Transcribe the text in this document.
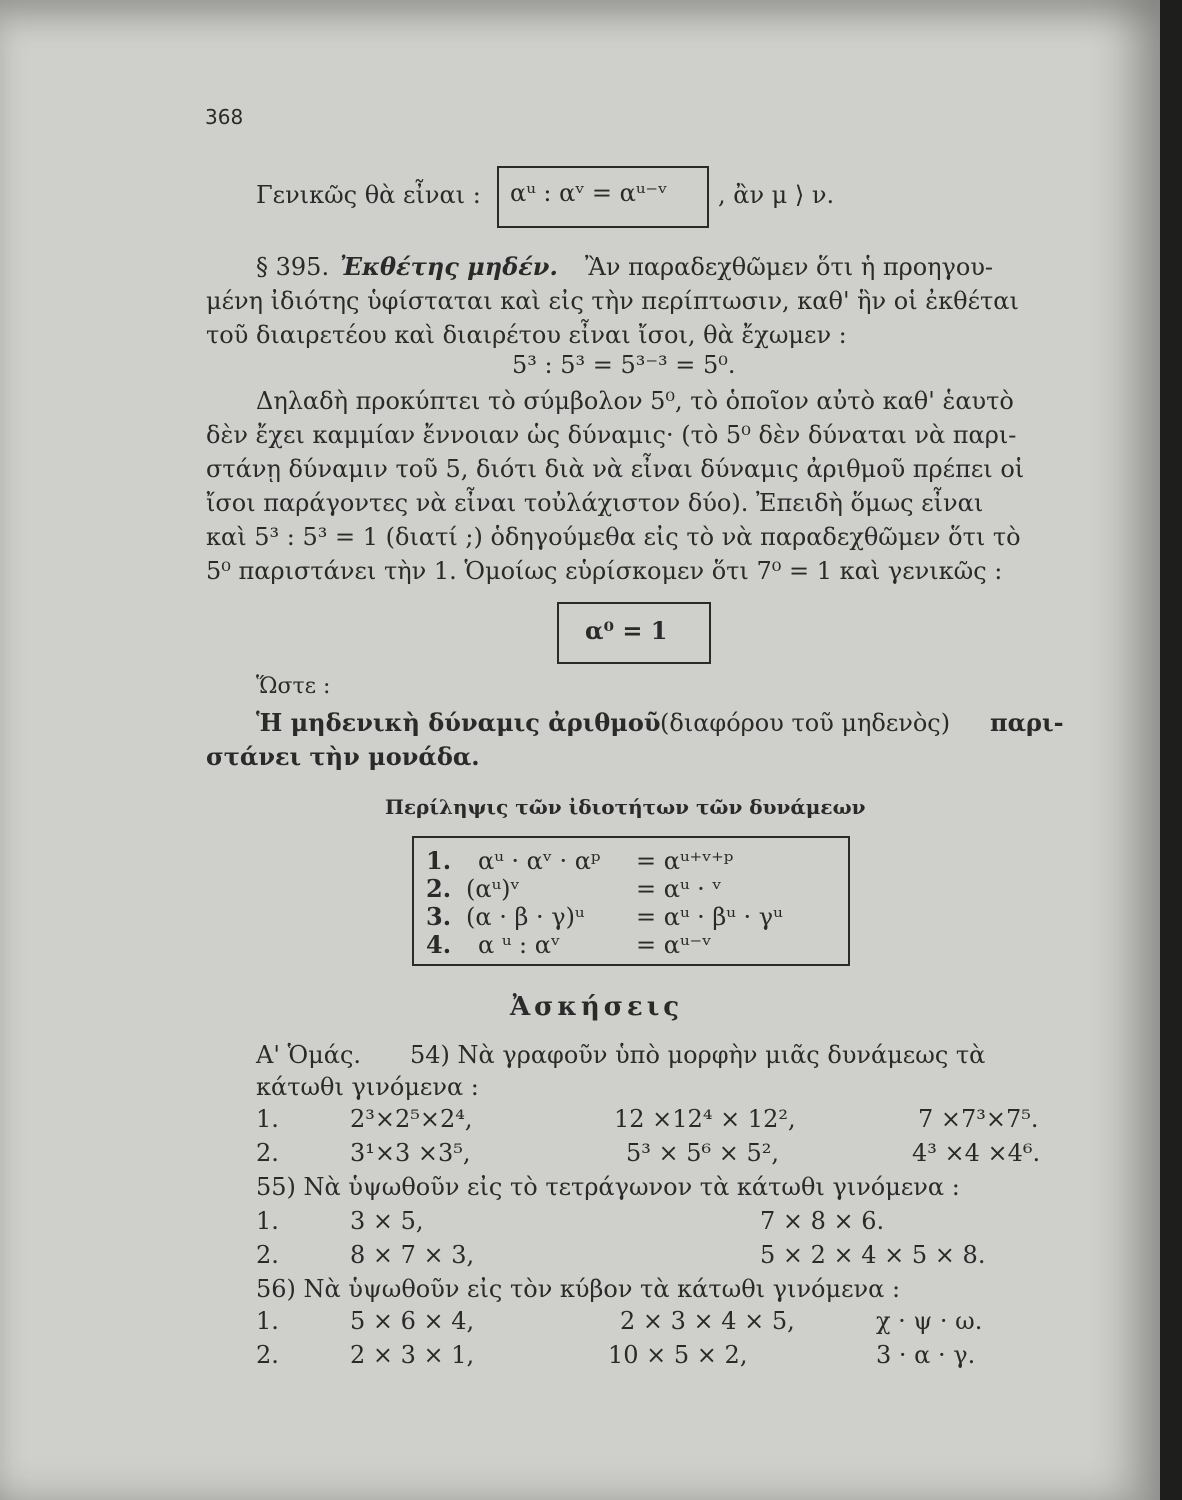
368
Γενικῶς θὰ εἶναι : αᵘ : αᵛ = αᵘ⁻ᵛ , ἂν μ ⟩ ν.
§ 395. Ἐκθέτης μηδέν. Ἂν παραδεχθῶμεν ὅτι ἡ προηγου-
μένη ἰδιότης ὑφίσταται καὶ εἰς τὴν περίπτωσιν, καθ' ἣν οἱ ἐκθέται
τοῦ διαιρετέου καὶ διαιρέτου εἶναι ἴσοι, θὰ ἔχωμεν :
5³ : 5³ = 5³⁻³ = 5⁰.
Δηλαδὴ προκύπτει τὸ σύμβολον 5⁰, τὸ ὁποῖον αὐτὸ καθ' ἑαυτὸ
δὲν ἔχει καμμίαν ἔννοιαν ὡς δύναμις· (τὸ 5⁰ δὲν δύναται νὰ παρι-
στάνῃ δύναμιν τοῦ 5, διότι διὰ νὰ εἶναι δύναμις ἀριθμοῦ πρέπει οἱ
ἴσοι παράγοντες νὰ εἶναι τοὐλάχιστον δύο). Ἐπειδὴ ὅμως εἶναι
καὶ 5³ : 5³ = 1 (διατί ;) ὁδηγούμεθα εἰς τὸ νὰ παραδεχθῶμεν ὅτι τὸ
5⁰ παριστάνει τὴν 1. Ὁμοίως εὑρίσκομεν ὅτι 7⁰ = 1 καὶ γενικῶς :
α⁰ = 1
Ὥστε :
Ἡ μηδενικὴ δύναμις ἀριθμοῦ (διαφόρου τοῦ μηδενὸς) παρι-
στάνει τὴν μονάδα.
Περίληψις τῶν ἰδιοτήτων τῶν δυνάμεων
1. αᵘ · αᵛ · αᵖ = αᵘ⁺ᵛ⁺ᵖ
2. (αᵘ)ᵛ	= αᵘ · ᵛ
3. (α · β · γ)ᵘ = αᵘ · βᵘ · γᵘ
4. α ᵘ : αᵛ	= αᵘ⁻ᵛ
Ἀσκήσεις
Α' Ὁμάς. 54) Νὰ γραφοῦν ὑπὸ μορφὴν μιᾶς δυνάμεως τὰ
κάτωθι γινόμενα :
1.	2³×2⁵×2⁴,	12 ×12⁴ × 12²,	7 ×7³×7⁵.
2.	3¹×3 ×3⁵,	5³ × 5⁶ × 5²,	4³ ×4 ×4⁶.
55) Νὰ ὑψωθοῦν εἰς τὸ τετράγωνον τὰ κάτωθι γινόμενα :
1.	3 × 5,	7 × 8 × 6.
2.	8 × 7 × 3,	5 × 2 × 4 × 5 × 8.
56) Νὰ ὑψωθοῦν εἰς τὸν κύβον τὰ κάτωθι γινόμενα :
1.	5 × 6 × 4,	2 × 3 × 4 × 5,	χ · ψ · ω.
2.	2 × 3 × 1,	10 × 5 × 2,	3 · α · γ.
